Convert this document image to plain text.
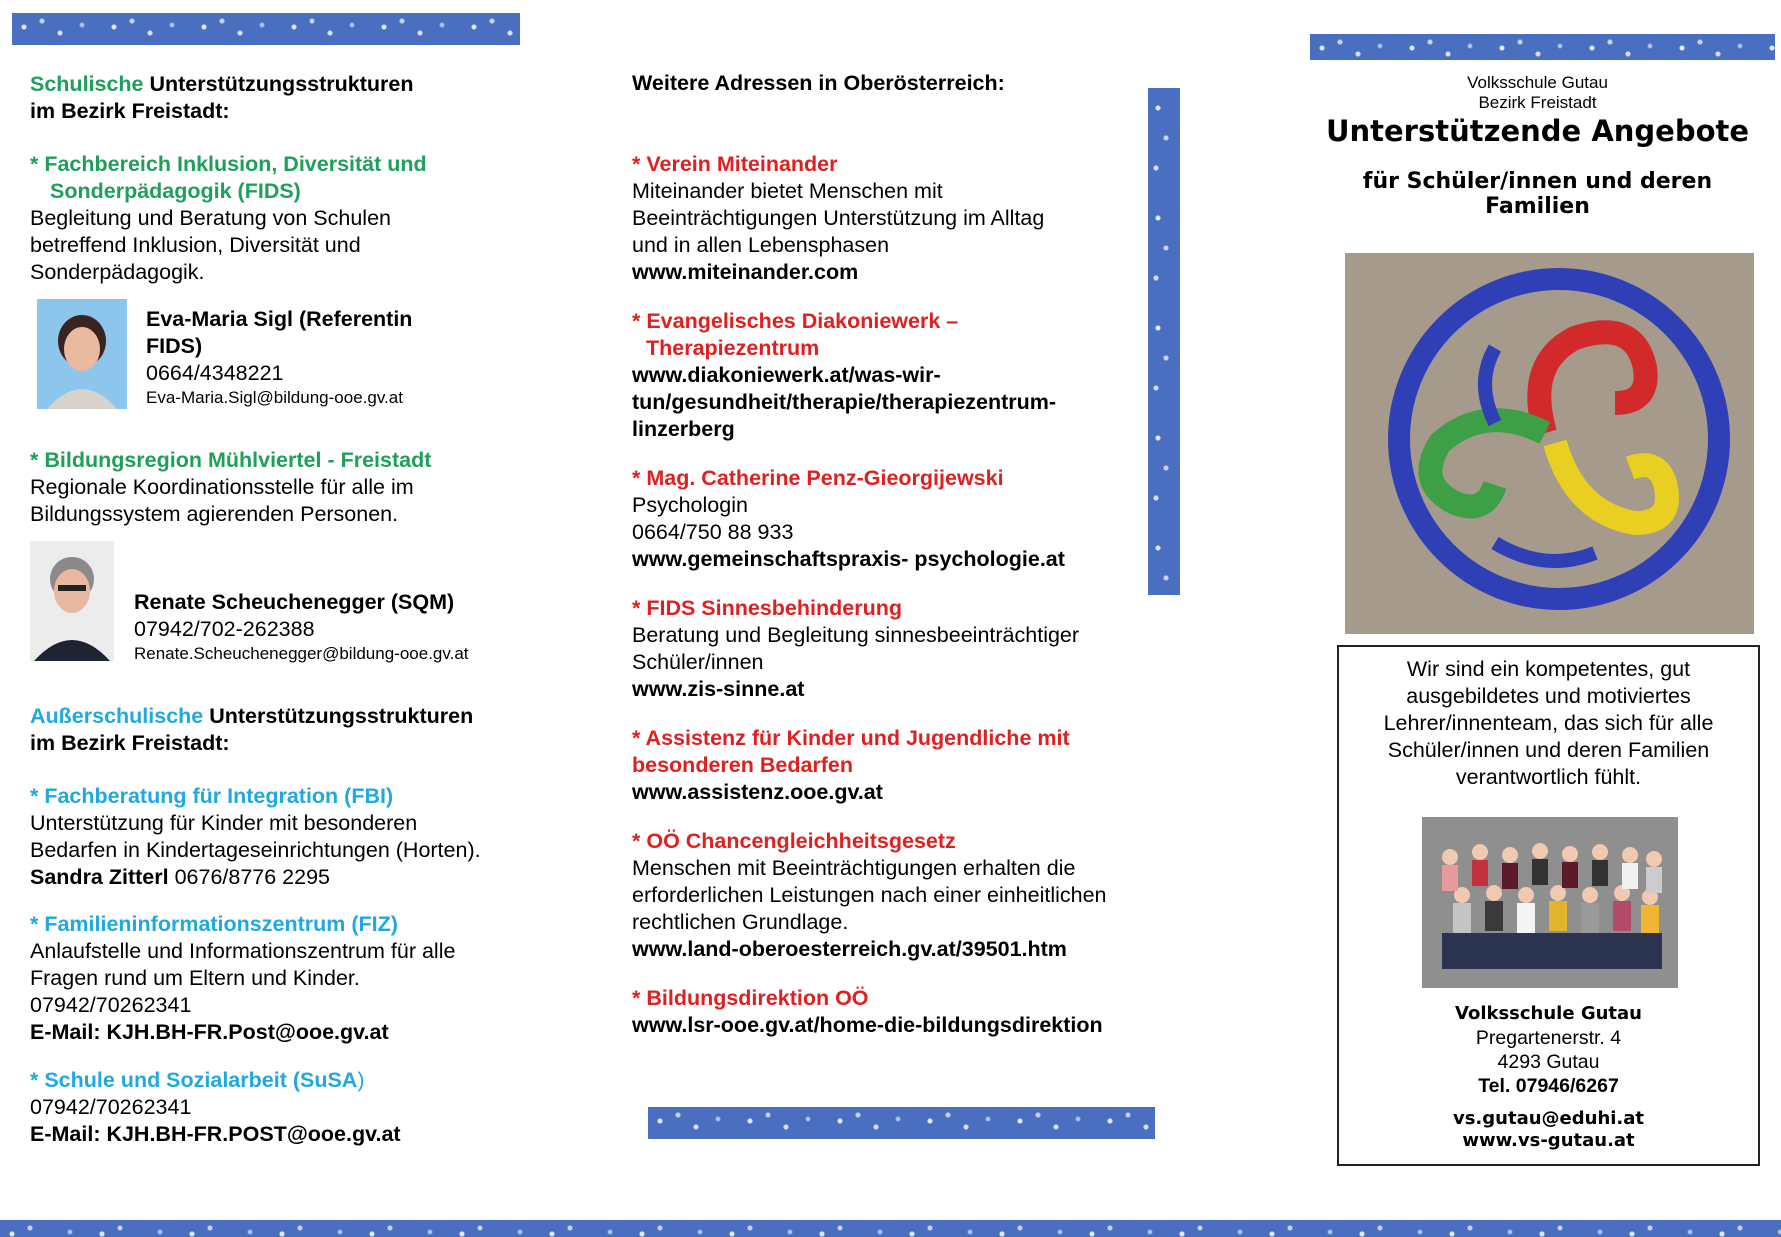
Schulische Unterstützungsstrukturen
im Bezirk Freistadt:
* Fachbereich Inklusion, Diversität und
Sonderpädagogik (FIDS)
Begleitung und Beratung von Schulen
betreffend Inklusion, Diversität und
Sonderpädagogik.
Eva-Maria Sigl (Referentin
FIDS)
0664/4348221
Eva-Maria.Sigl@bildung-ooe.gv.at
* Bildungsregion Mühlviertel - Freistadt
Regionale Koordinationsstelle für alle im
Bildungssystem agierenden Personen.
Renate Scheuchenegger (SQM)
07942/702-262388
Renate.Scheuchenegger@bildung-ooe.gv.at
Außerschulische Unterstützungsstrukturen
im Bezirk Freistadt:
* Fachberatung für Integration (FBI)
Unterstützung für Kinder mit besonderen
Bedarfen in Kindertageseinrichtungen (Horten).
Sandra Zitterl 0676/8776 2295
* Familieninformationszentrum (FIZ)
Anlaufstelle und Informationszentrum für alle
Fragen rund um Eltern und Kinder.
07942/70262341
E-Mail: KJH.BH-FR.Post@ooe.gv.at
* Schule und Sozialarbeit (SuSA)
07942/70262341
E-Mail: KJH.BH-FR.POST@ooe.gv.at
Weitere Adressen in Oberösterreich:
* Verein Miteinander
Miteinander bietet Menschen mit
Beeinträchtigungen Unterstützung im Alltag
und in allen Lebensphasen
www.miteinander.com
* Evangelisches Diakoniewerk –
Therapiezentrum
www.diakoniewerk.at/was-wir-
tun/gesundheit/therapie/therapiezentrum-
linzerberg
* Mag. Catherine Penz-Gieorgijewski
Psychologin
0664/750 88 933
www.gemeinschaftspraxis- psychologie.at
* FIDS Sinnesbehinderung
Beratung und Begleitung sinnesbeeinträchtiger
Schüler/innen
www.zis-sinne.at
* Assistenz für Kinder und Jugendliche mit
besonderen Bedarfen
www.assistenz.ooe.gv.at
* OÖ Chancengleichheitsgesetz
Menschen mit Beeinträchtigungen erhalten die
erforderlichen Leistungen nach einer einheitlichen
rechtlichen Grundlage.
www.land-oberoesterreich.gv.at/39501.htm
* Bildungsdirektion OÖ
www.lsr-ooe.gv.at/home-die-bildungsdirektion
Volksschule Gutau
Bezirk Freistadt
Unterstützende Angebote
für Schüler/innen und deren
Familien
Wir sind ein kompetentes, gut
ausgebildetes und motiviertes
Lehrer/innenteam, das sich für alle
Schüler/innen und deren Familien
verantwortlich fühlt.
Volksschule Gutau
Pregartenerstr. 4
4293 Gutau
Tel. 07946/6267
vs.gutau@eduhi.at
www.vs-gutau.at
